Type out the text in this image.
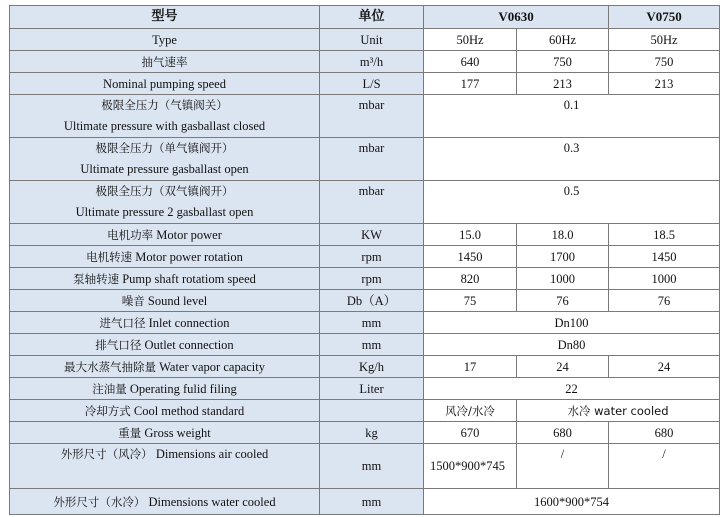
型号	单位	V0630		V0750
Type	Unit	50Hz	60Hz	50Hz
抽气速率	m³/h	640	750	750
Nominal pumping speed	L/S	177	213	213

极限全压力（气镇阀关）
Ultimate pressure with gasballast closed	mbar	0.1		

极限全压力（单气镇阀开）
Ultimate pressure gasballast open	mbar	0.3		

极限全压力（双气镇阀开）
Ultimate pressure 2 gasballast open	mbar	0.5		
电机功率 Motor power	KW	15.0	18.0	18.5
电机转速 Motor power rotation	rpm	1450	1700	1450
泵轴转速 Pump shaft rotatiom speed	rpm	820	1000	1000
噪音 Sound level	Db（A）	75	76	76
进气口径 Inlet connection	mm	Dn100		
排气口径 Outlet connection	mm	Dn80		
最大水蒸气抽除量 Water vapor capacity	Kg/h	17	24	24
注油量 Operating fulid filing	Liter	22		
冷却方式 Cool method standard		风冷/水冷	水冷 water cooled	
重量 Gross weight	kg	670	680	680
外形尺寸（风冷） Dimensions air cooled	mm	1500*900*745	/	/
外形尺寸（水冷） Dimensions water cooled	mm	1600*900*754		
